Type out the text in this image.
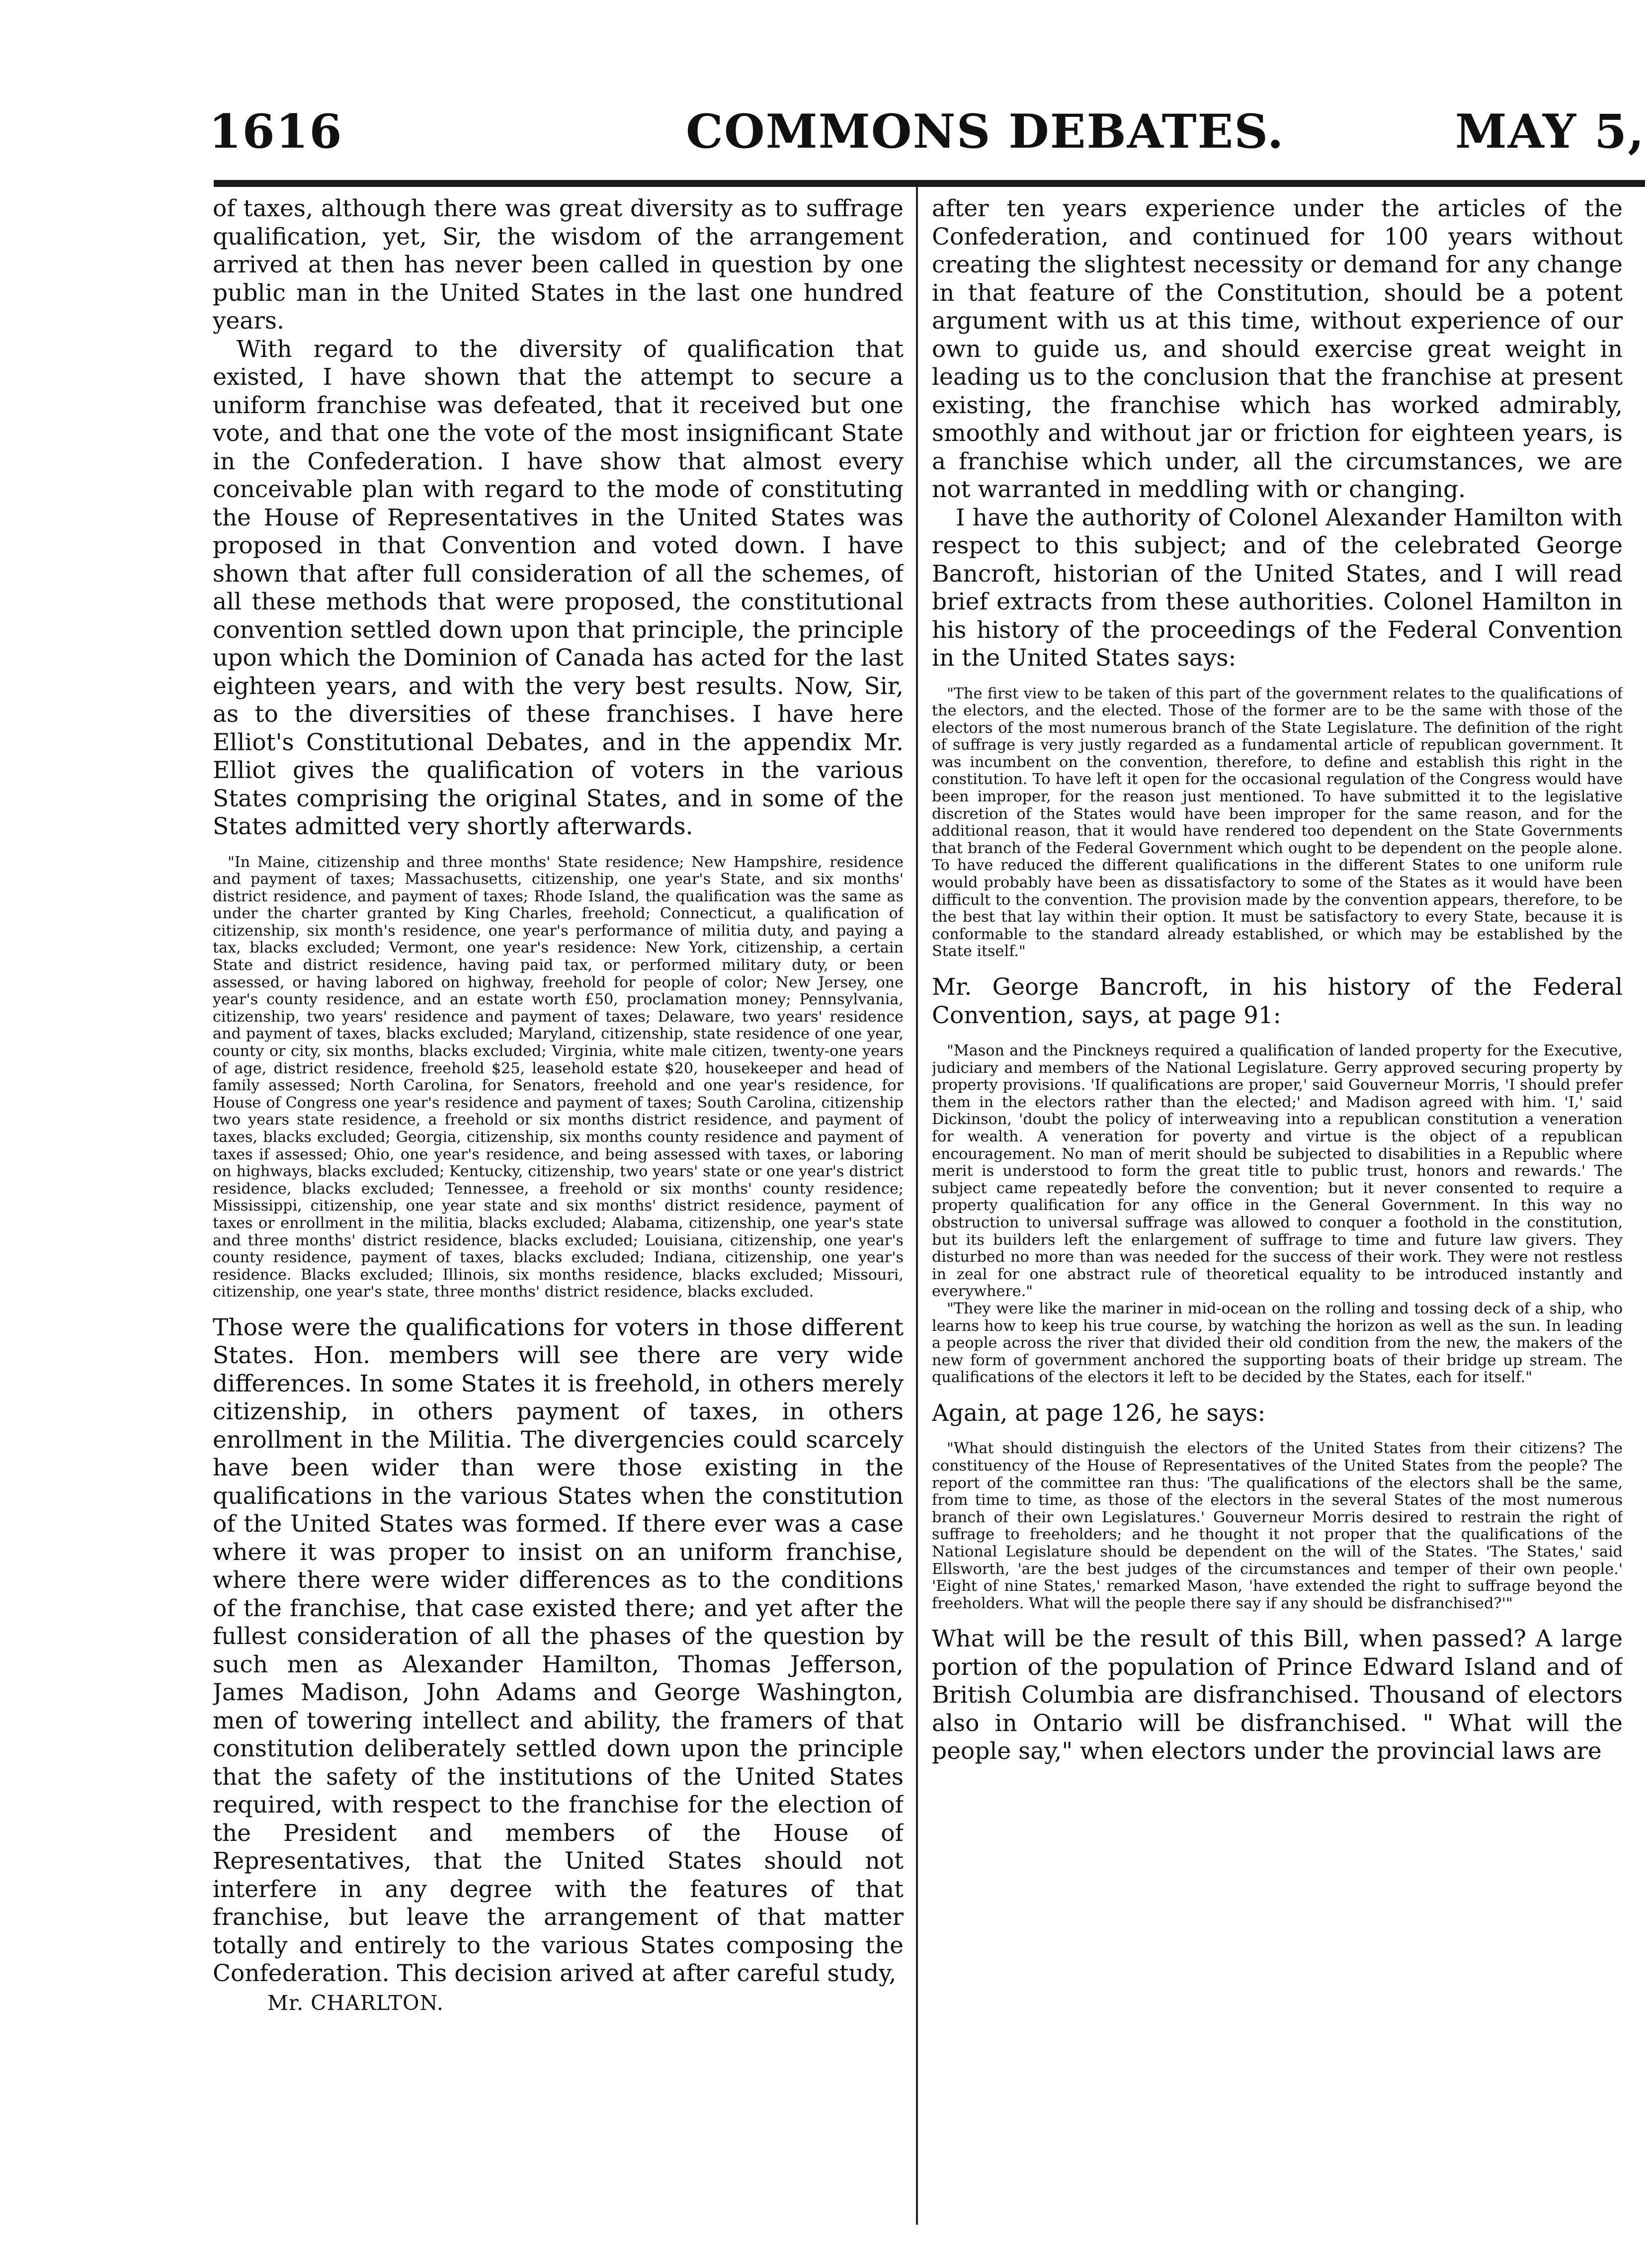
1616	COMMONS DEBATES.	MAY 5,

of taxes, although there was great diversity as to suffrage qualification, yet, Sir, the wisdom of the arrangement arrived at then has never been called in question by one public man in the United States in the last one hundred years.

With regard to the diversity of qualification that existed, I have shown that the attempt to secure a uniform franchise was defeated, that it received but one vote, and that one the vote of the most insignificant State in the Confederation. I have show that almost every conceivable plan with regard to the mode of constituting the House of Representatives in the United States was proposed in that Convention and voted down. I have shown that after full consideration of all the schemes, of all these methods that were proposed, the constitutional convention settled down upon that principle, the principle upon which the Dominion of Canada has acted for the last eighteen years, and with the very best results. Now, Sir, as to the diversities of these franchises. I have here Elliot's Constitutional Debates, and in the appendix Mr. Elliot gives the qualification of voters in the various States comprising the original States, and in some of the States admitted very shortly afterwards.

"In Maine, citizenship and three months' State residence; New Hampshire, residence and payment of taxes; Massachusetts, citizenship, one year's State, and six months' district residence, and payment of taxes; Rhode Island, the qualification was the same as under the charter granted by King Charles, freehold; Connecticut, a qualification of citizenship, six month's residence, one year's performance of militia duty, and paying a tax, blacks excluded; Vermont, one year's residence: New York, citizenship, a certain State and district residence, having paid tax, or performed military duty, or been assessed, or having labored on highway, freehold for people of color; New Jersey, one year's county residence, and an estate worth £50, proclamation money; Pennsylvania, citizenship, two years' residence and payment of taxes; Delaware, two years' residence and payment of taxes, blacks excluded; Maryland, citizenship, state residence of one year, county or city, six months, blacks excluded; Virginia, white male citizen, twenty-one years of age, district residence, freehold $25, leasehold estate $20, housekeeper and head of family assessed; North Carolina, for Senators, freehold and one year's residence, for House of Congress one year's residence and payment of taxes; South Carolina, citizenship two years state residence, a freehold or six months district residence, and payment of taxes, blacks excluded; Georgia, citizenship, six months county residence and payment of taxes if assessed; Ohio, one year's residence, and being assessed with taxes, or laboring on highways, blacks excluded; Kentucky, citizenship, two years' state or one year's district residence, blacks excluded; Tennessee, a freehold or six months' county residence; Mississippi, citizenship, one year state and six months' district residence, payment of taxes or enrollment in the militia, blacks excluded; Alabama, citizenship, one year's state and three months' district residence, blacks excluded; Louisiana, citizenship, one year's county residence, payment of taxes, blacks excluded; Indiana, citizenship, one year's residence. Blacks excluded; Illinois, six months residence, blacks excluded; Missouri, citizenship, one year's state, three months' district residence, blacks excluded.

Those were the qualifications for voters in those different States. Hon. members will see there are very wide differences. In some States it is freehold, in others merely citizenship, in others payment of taxes, in others enrollment in the Militia. The divergencies could scarcely have been wider than were those existing in the qualifications in the various States when the constitution of the United States was formed. If there ever was a case where it was proper to insist on an uniform franchise, where there were wider differences as to the conditions of the franchise, that case existed there; and yet after the fullest consideration of all the phases of the question by such men as Alexander Hamilton, Thomas Jefferson, James Madison, John Adams and George Washington, men of towering intellect and ability, the framers of that constitution deliberately settled down upon the principle that the safety of the institutions of the United States required, with respect to the franchise for the election of the President and members of the House of Representatives, that the United States should not interfere in any degree with the features of that franchise, but leave the arrangement of that matter totally and entirely to the various States composing the Confederation. This decision arived at after careful study,

Mr. CHARLTON.

after ten years experience under the articles of the Confederation, and continued for 100 years without creating the slightest necessity or demand for any change in that feature of the Constitution, should be a potent argument with us at this time, without experience of our own to guide us, and should exercise great weight in leading us to the conclusion that the franchise at present existing, the franchise which has worked admirably, smoothly and without jar or friction for eighteen years, is a franchise which under, all the circumstances, we are not warranted in meddling with or changing.

I have the authority of Colonel Alexander Hamilton with respect to this subject; and of the celebrated George Bancroft, historian of the United States, and I will read brief extracts from these authorities. Colonel Hamilton in his history of the proceedings of the Federal Convention in the United States says:

"The first view to be taken of this part of the government relates to the qualifications of the electors, and the elected. Those of the former are to be the same with those of the electors of the most numerous branch of the State Legislature. The definition of the right of suffrage is very justly regarded as a fundamental article of republican government. It was incumbent on the convention, therefore, to define and establish this right in the constitution. To have left it open for the occasional regulation of the Congress would have been improper, for the reason just mentioned. To have submitted it to the legislative discretion of the States would have been improper for the same reason, and for the additional reason, that it would have rendered too dependent on the State Governments that branch of the Federal Government which ought to be dependent on the people alone. To have reduced the different qualifications in the different States to one uniform rule would probably have been as dissatisfactory to some of the States as it would have been difficult to the convention. The provision made by the convention appears, therefore, to be the best that lay within their option. It must be satisfactory to every State, because it is conformable to the standard already established, or which may be established by the State itself."

Mr. George Bancroft, in his history of the Federal Convention, says, at page 91:

"Mason and the Pinckneys required a qualification of landed property for the Executive, judiciary and members of the National Legislature. Gerry approved securing property by property provisions. 'If qualifications are proper,' said Gouverneur Morris, 'I should prefer them in the electors rather than the elected;' and Madison agreed with him. 'I,' said Dickinson, 'doubt the policy of interweaving into a republican constitution a veneration for wealth. A veneration for poverty and virtue is the object of a republican encouragement. No man of merit should be subjected to disabilities in a Republic where merit is understood to form the great title to public trust, honors and rewards.' The subject came repeatedly before the convention; but it never consented to require a property qualification for any office in the General Government. In this way no obstruction to universal suffrage was allowed to conquer a foothold in the constitution, but its builders left the enlargement of suffrage to time and future law givers. They disturbed no more than was needed for the success of their work. They were not restless in zeal for one abstract rule of theoretical equality to be introduced instantly and everywhere."

"They were like the mariner in mid-ocean on the rolling and tossing deck of a ship, who learns how to keep his true course, by watching the horizon as well as the sun. In leading a people across the river that divided their old condition from the new, the makers of the new form of government anchored the supporting boats of their bridge up stream. The qualifications of the electors it left to be decided by the States, each for itself."

Again, at page 126, he says:

"What should distinguish the electors of the United States from their citizens? The constituency of the House of Representatives of the United States from the people? The report of the committee ran thus: 'The qualifications of the electors shall be the same, from time to time, as those of the electors in the several States of the most numerous branch of their own Legislatures.' Gouverneur Morris desired to restrain the right of suffrage to freeholders; and he thought it not proper that the qualifications of the National Legislature should be dependent on the will of the States. 'The States,' said Ellsworth, 'are the best judges of the circumstances and temper of their own people.' 'Eight of nine States,' remarked Mason, 'have extended the right to suffrage beyond the freeholders. What will the people there say if any should be disfranchised?'"

What will be the result of this Bill, when passed? A large portion of the population of Prince Edward Island and of British Columbia are disfranchised. Thousand of electors also in Ontario will be disfranchised. " What will the people say," when electors under the provincial laws are
